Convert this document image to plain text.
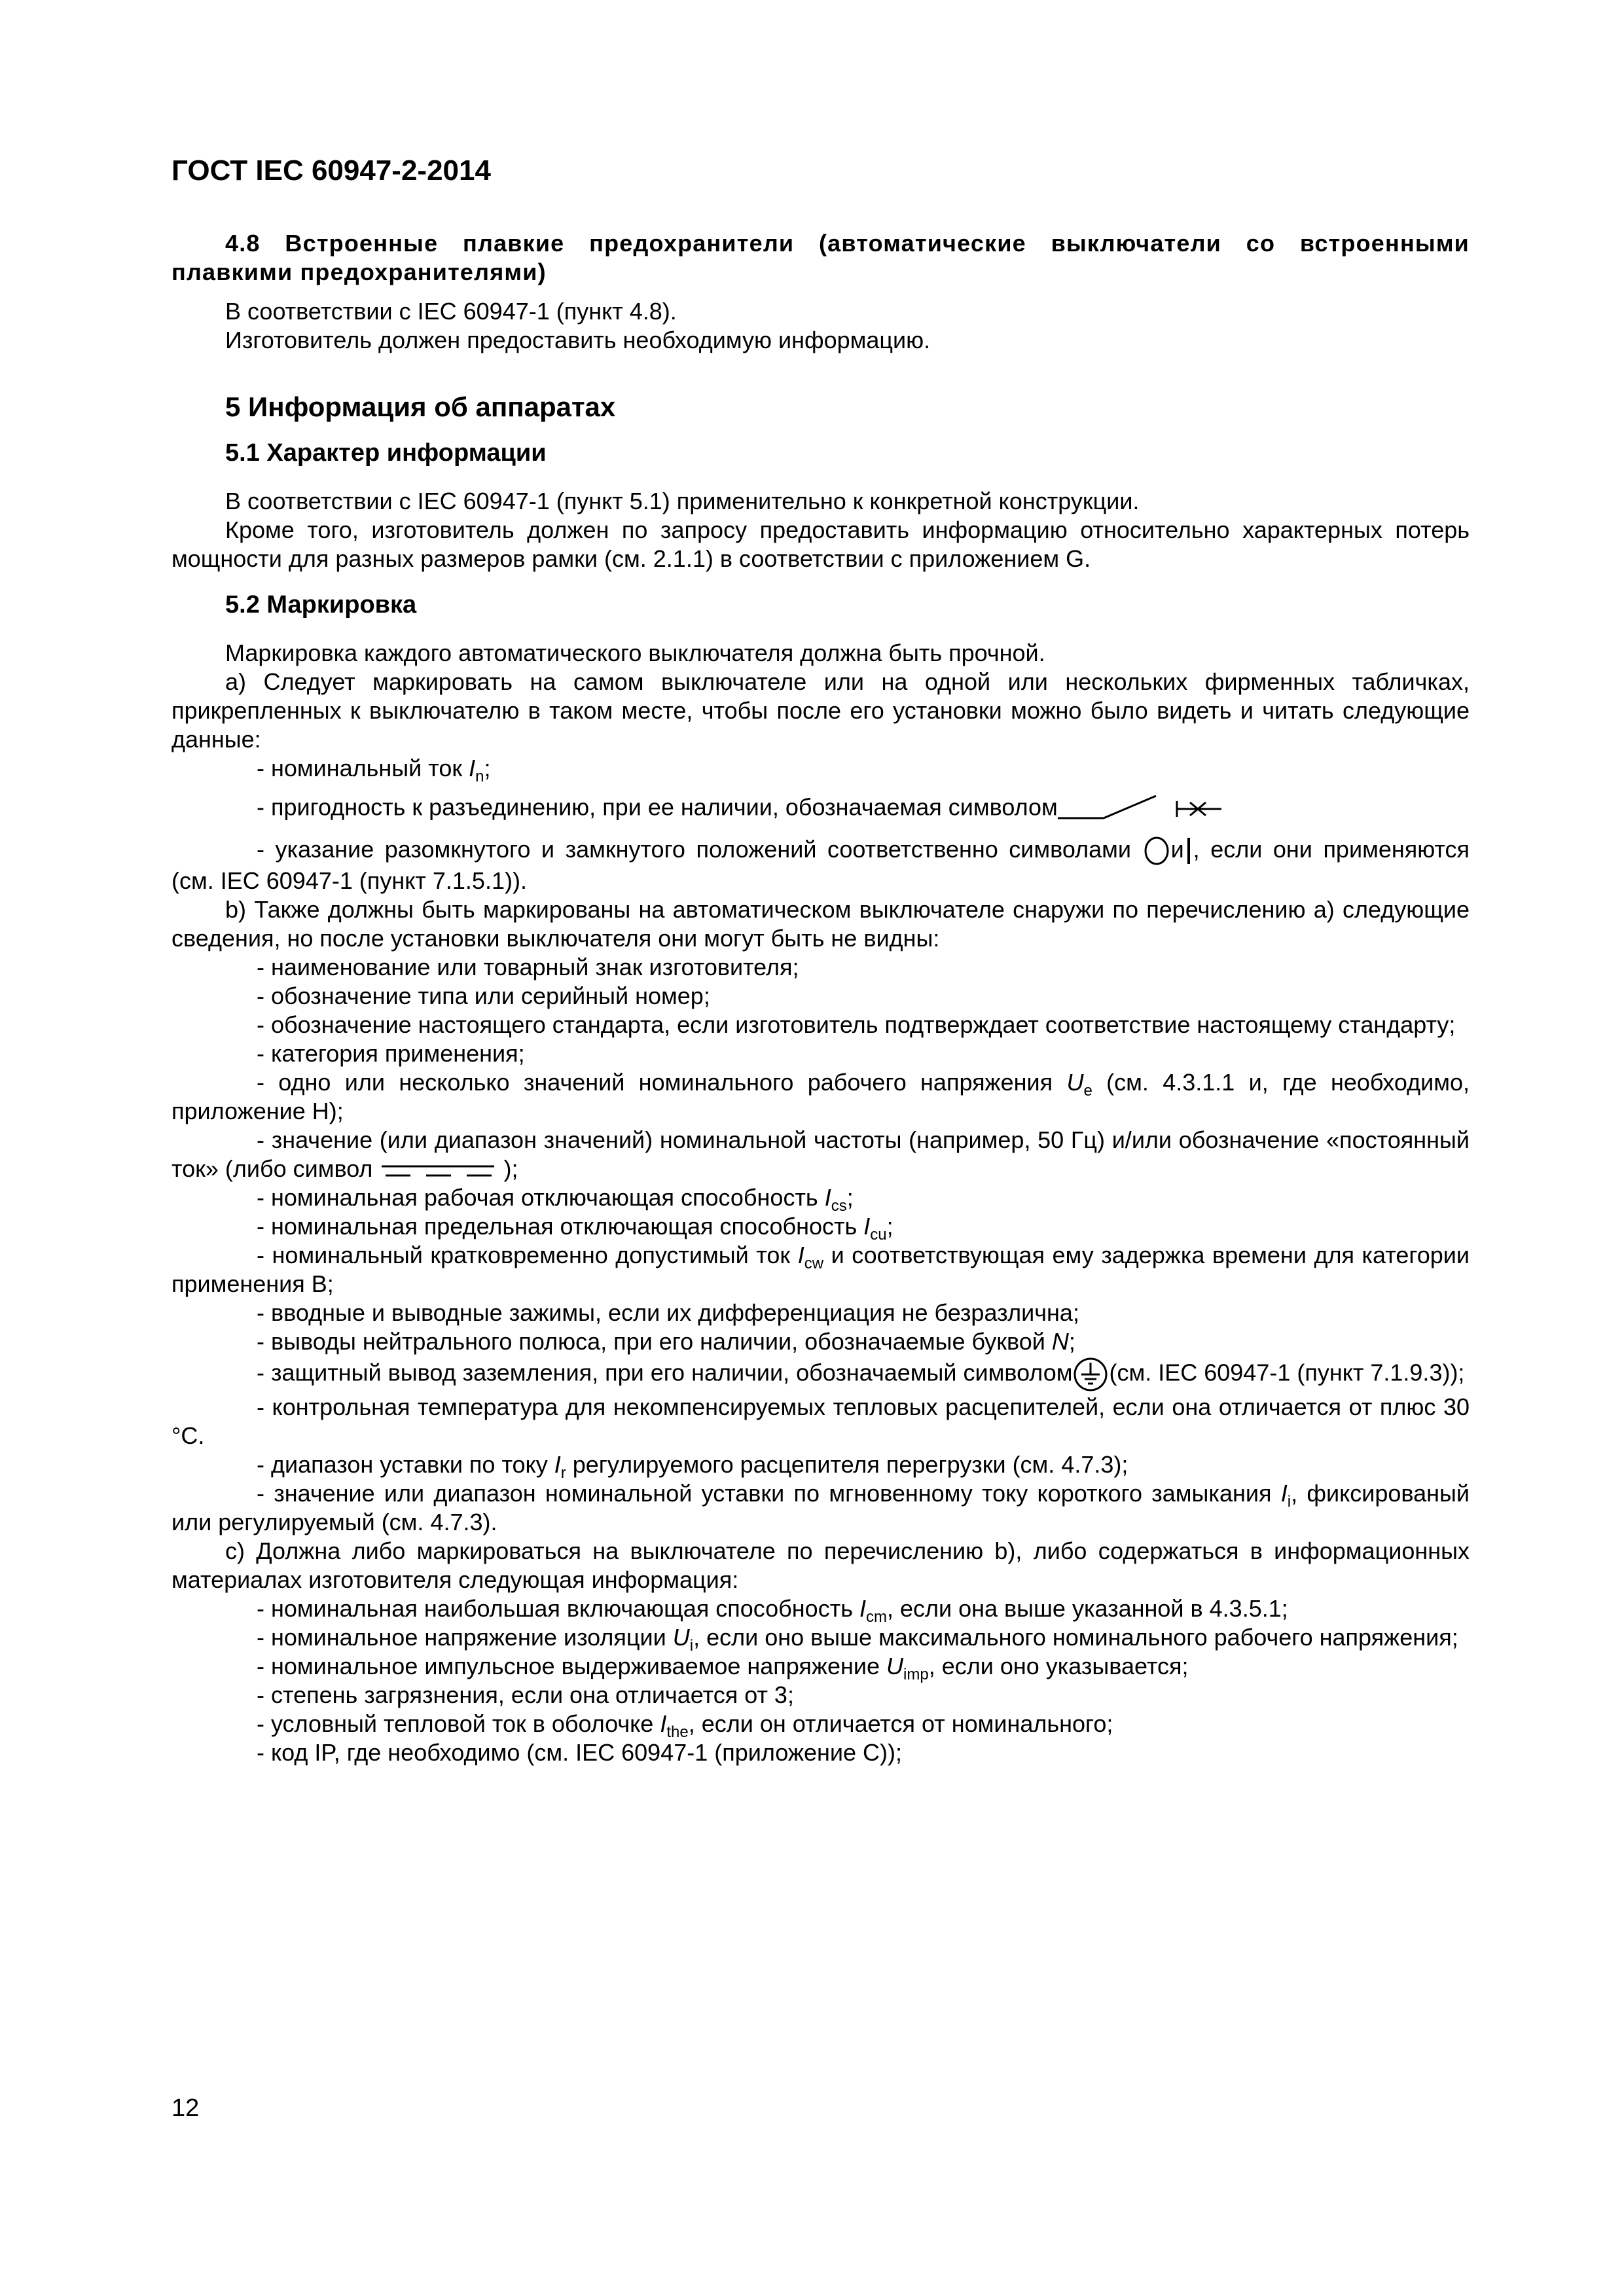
ГОСТ IEC 60947-2-2014

4.8 Встроенные плавкие предохранители (автоматические выключатели со встроенными плавкими предохранителями)

В соответствии с IEC 60947-1 (пункт 4.8).

Изготовитель должен предоставить необходимую информацию.

5 Информация об аппаратах

5.1 Характер информации

В соответствии с IEC 60947-1 (пункт 5.1) применительно к конкретной конструкции.

Кроме того, изготовитель должен по запросу предоставить информацию относительно характерных потерь мощности для разных размеров рамки (см. 2.1.1) в соответствии с приложением G.

5.2 Маркировка

Маркировка каждого автоматического выключателя должна быть прочной.

а) Следует маркировать на самом выключателе или на одной или нескольких фирменных табличках, прикрепленных к выключателю в таком месте, чтобы после его установки можно было видеть и читать следующие данные:

- номинальный ток $I_n$;

- пригодность к разъединению, при ее наличии, обозначаемая символом

- указание разомкнутого и замкнутого положений соответственно символами и , если они применяются (см. IEC 60947-1 (пункт 7.1.5.1)).

b) Также должны быть маркированы на автоматическом выключателе снаружи по перечислению а) следующие сведения, но после установки выключателя они могут быть не видны:

- наименование или товарный знак изготовителя;

- обозначение типа или серийный номер;

- обозначение настоящего стандарта, если изготовитель подтверждает соответствие настоящему стандарту;

- категория применения;

- одно или несколько значений номинального рабочего напряжения $U_e$ (см. 4.3.1.1 и, где необходимо, приложение H);

- значение (или диапазон значений) номинальной частоты (например, 50 Гц) и/или обозначение «постоянный ток» (либо символ	);

- номинальная рабочая отключающая способность $I_{cs}$;

- номинальная предельная отключающая способность $I_{cu}$;

- номинальный кратковременно допустимый ток $I_{cw}$ и соответствующая ему задержка времени для категории применения B;

- вводные и выводные зажимы, если их дифференциация не безразлична;

- выводы нейтрального полюса, при его наличии, обозначаемые буквой N;

- защитный вывод заземления, при его наличии, обозначаемый символом (см. IEC 60947-1 (пункт 7.1.9.3));

- контрольная температура для некомпенсируемых тепловых расцепителей, если она отличается от плюс 30 °С.

- диапазон уставки по току $I_r$ регулируемого расцепителя перегрузки (см. 4.7.3);

- значение или диапазон номинальной уставки по мгновенному току короткого замыкания $I_i$, фиксированый или регулируемый (см. 4.7.3).

c) Должна либо маркироваться на выключателе по перечислению b), либо содержаться в информационных материалах изготовителя следующая информация:

- номинальная наибольшая включающая способность $I_{cm}$, если она выше указанной в 4.3.5.1;

- номинальное напряжение изоляции $U_i$, если оно выше максимального номинального рабочего напряжения;

- номинальное импульсное выдерживаемое напряжение $U_{imp}$, если оно указывается;

- степень загрязнения, если она отличается от 3;

- условный тепловой ток в оболочке $I_{the}$, если он отличается от номинального;

- код IP, где необходимо (см. IEC 60947-1 (приложение С));

12
